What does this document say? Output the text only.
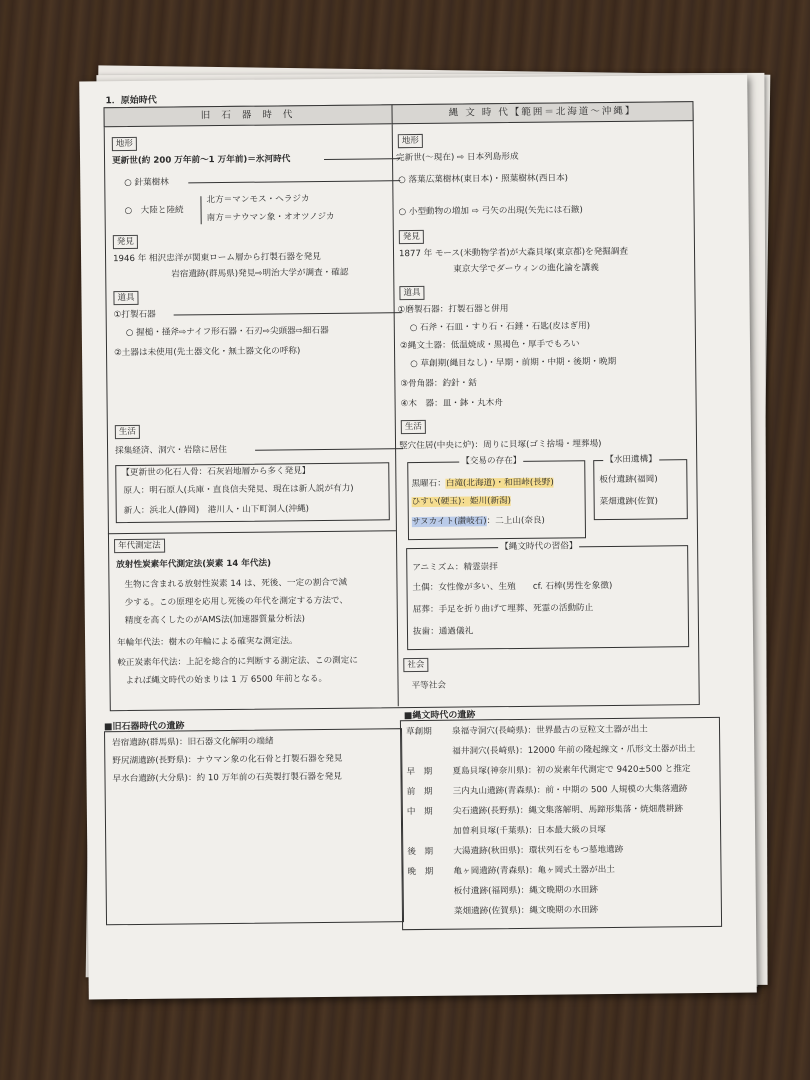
1．原始時代
旧 石 器 時 代	縄 文 時 代【範囲＝北海道～沖縄】
地形
更新世(約 200 万年前～1 万年前)＝氷河時代
○ 針葉樹林
○　大陸と陸続
北方＝マンモス・ヘラジカ
南方＝ナウマン象・オオツノジカ
発見
1946 年 相沢忠洋が関東ローム層から打製石器を発見
岩宿遺跡(群馬県)発見⇨明治大学が調査・確認
道具
①打製石器
○ 握槌・掻斧⇨ナイフ形石器・石刃⇨尖頭器⇨細石器
②土器は未使用(先土器文化・無土器文化の呼称)
生活
採集経済、洞穴・岩陰に居住
【更新世の化石人骨：石灰岩地層から多く発見】
原人：明石原人(兵庫・直良信夫発見、現在は新人説が有力)
新人：浜北人(静岡)　港川人・山下町洞人(沖縄)
年代測定法
放射性炭素年代測定法(炭素 14 年代法)
生物に含まれる放射性炭素 14 は、死後、一定の割合で減
少する。この原理を応用し死後の年代を測定する方法で、
精度を高くしたのがAMS法(加速器質量分析法)
年輪年代法：樹木の年輪による確実な測定法。
較正炭素年代法：上記を総合的に判断する測定法、この測定に
よれば縄文時代の始まりは 1 万 6500 年前となる。
地形
完新世(～現在) ⇨ 日本列島形成
○ 落葉広葉樹林(東日本)・照葉樹林(西日本)
○ 小型動物の増加 ⇨ 弓矢の出現(矢先には石鏃)
発見
1877 年 モース(米動物学者)が大森貝塚(東京都)を発掘調査
東京大学でダーウィンの進化論を講義
道具
①磨製石器：打製石器と併用
○ 石斧・石皿・すり石・石錘・石匙(皮はぎ用)
②縄文土器：低温焼成・黒褐色・厚手でもろい
○ 草創期(縄目なし)・早期・前期・中期・後期・晩期
③骨角器：釣針・銛
④木　器：皿・鉢・丸木舟
生活
竪穴住居(中央に炉)：周りに貝塚(ゴミ捨場・埋葬場)
【交易の存在】
黒曜石：白滝(北海道)・和田峠(長野)
ひすい(硬玉)：姫川(新潟)
サヌカイト(讃岐石)：二上山(奈良)
【水田遺構】
板付遺跡(福岡)
菜畑遺跡(佐賀)
【縄文時代の習俗】
アニミズム：精霊崇拝
土偶：女性像が多い、生殖　　cf. 石棒(男性を象徴)
屈葬：手足を折り曲げて埋葬、死霊の活動防止
抜歯：通過儀礼
社会
平等社会
■旧石器時代の遺跡
岩宿遺跡(群馬県)：旧石器文化解明の端緒
野尻湖遺跡(長野県)：ナウマン象の化石骨と打製石器を発見
早水台遺跡(大分県)：約 10 万年前の石英製打製石器を発見
■縄文時代の遺跡
草創期 泉福寺洞穴(長崎県)：世界最古の豆粒文土器が出土
福井洞穴(長崎県)：12000 年前の隆起線文・爪形文土器が出土
早　期 夏島貝塚(神奈川県)：初の炭素年代測定で 9420±500 と推定
前　期 三内丸山遺跡(青森県)：前・中期の 500 人規模の大集落遺跡
中　期 尖石遺跡(長野県)：縄文集落解明、馬蹄形集落・焼畑農耕跡
加曽利貝塚(千葉県)：日本最大級の貝塚
後　期 大湯遺跡(秋田県)：環状列石をもつ墓地遺跡
晩　期 亀ヶ岡遺跡(青森県)：亀ヶ岡式土器が出土
板付遺跡(福岡県)：縄文晩期の水田跡
菜畑遺跡(佐賀県)：縄文晩期の水田跡
